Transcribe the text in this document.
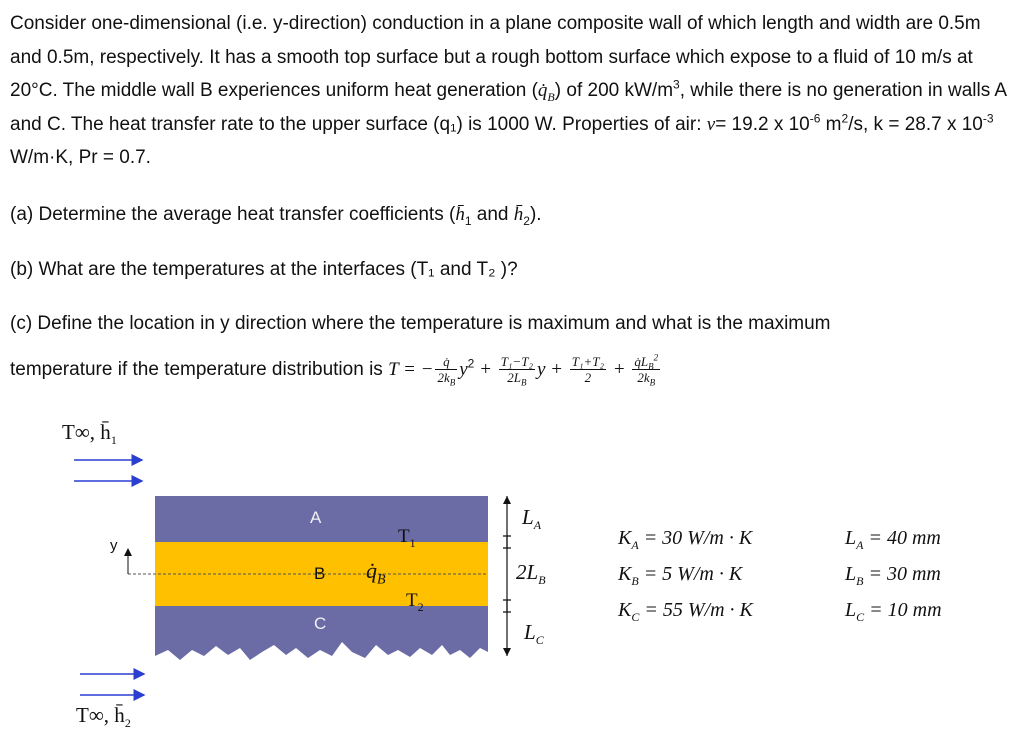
Consider one-dimensional (i.e. y-direction) conduction in a plane composite wall of which length and width are 0.5m and 0.5m, respectively. It has a smooth top surface but a rough bottom surface which expose to a fluid of 10 m/s at 20°C. The middle wall B experiences uniform heat generation $(q̇_B)$ of 200 $kW/m^3$, while there is no generation in walls A and C. The heat transfer rate to the upper surface (q₁) is 1000 W. Properties of air: ν= 19.2 x $10^{-6}$ $m^2/s$, k = 28.7 x $10^{-3}$ W/m·K, Pr = 0.7.
(a) Determine the average heat transfer coefficients ($h̄_1$ and $h̄_2$).
(b) What are the temperatures at the interfaces (T₁ and T₂ )?
(c) Define the location in y direction where the temperature is maximum and what is the maximum
temperature if the temperature distribution is T = − $\frac{q̇}{2k_B} y^2 + \frac{\text{T₁−T₂}}{2L_B}$ $y + \frac{\text{T₁+T₂}}{2} + \frac{q̇L_B^2}{2k_B}$
T∞, $h̄_1$
T∞, $h̄_2$
A
B
C
y
$q̇_B$
$T_1$
$T_2$
$L_A$
$2L_B$
$L_C$
$K_A = 30$ W/m · K
$K_B = 5$ W/m · K
$K_C = 55$ W/m · K
$L_A = 40$ mm
$L_B = 30$ mm
$L_C = 10$ mm
